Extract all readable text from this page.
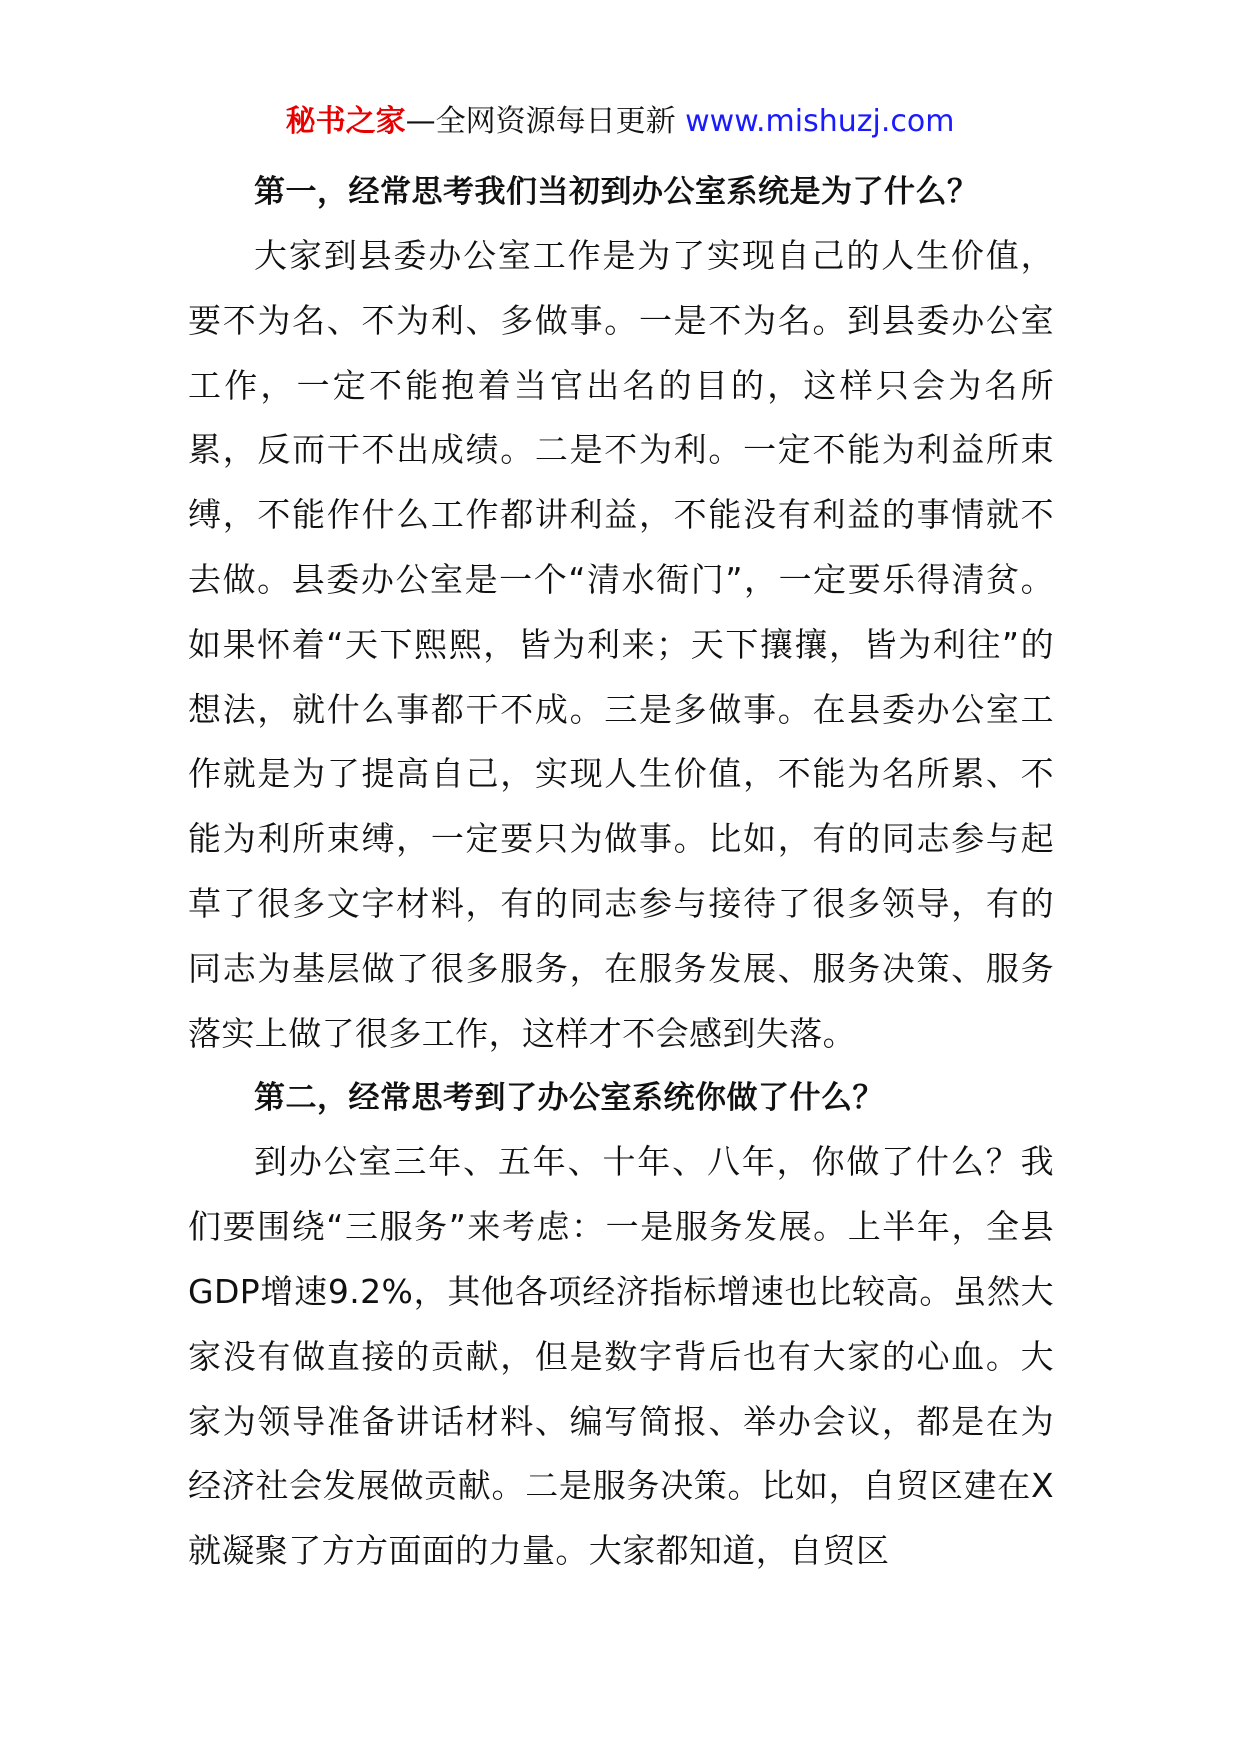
秘书之家—全网资源每日更新 www.mishuzj.com

第一，经常思考我们当初到办公室系统是为了什么？

大家到县委办公室工作是为了实现自己的人生价值，要不为名、不为利、多做事。一是不为名。到县委办公室工作，一定不能抱着当官出名的目的，这样只会为名所累，反而干不出成绩。二是不为利。一定不能为利益所束缚，不能作什么工作都讲利益，不能没有利益的事情就不去做。县委办公室是一个“清水衙门”，一定要乐得清贫。如果怀着“天下熙熙，皆为利来；天下攘攘，皆为利往”的想法，就什么事都干不成。三是多做事。在县委办公室工作就是为了提高自己，实现人生价值，不能为名所累、不能为利所束缚，一定要只为做事。比如，有的同志参与起草了很多文字材料，有的同志参与接待了很多领导，有的同志为基层做了很多服务，在服务发展、服务决策、服务落实上做了很多工作，这样才不会感到失落。

第二，经常思考到了办公室系统你做了什么？

到办公室三年、五年、十年、八年，你做了什么？我们要围绕“三服务”来考虑：一是服务发展。上半年，全县GDP增速9.2%，其他各项经济指标增速也比较高。虽然大家没有做直接的贡献，但是数字背后也有大家的心血。大家为领导准备讲话材料、编写简报、举办会议，都是在为经济社会发展做贡献。二是服务决策。比如，自贸区建在X就凝聚了方方面面的力量。大家都知道，自贸区
